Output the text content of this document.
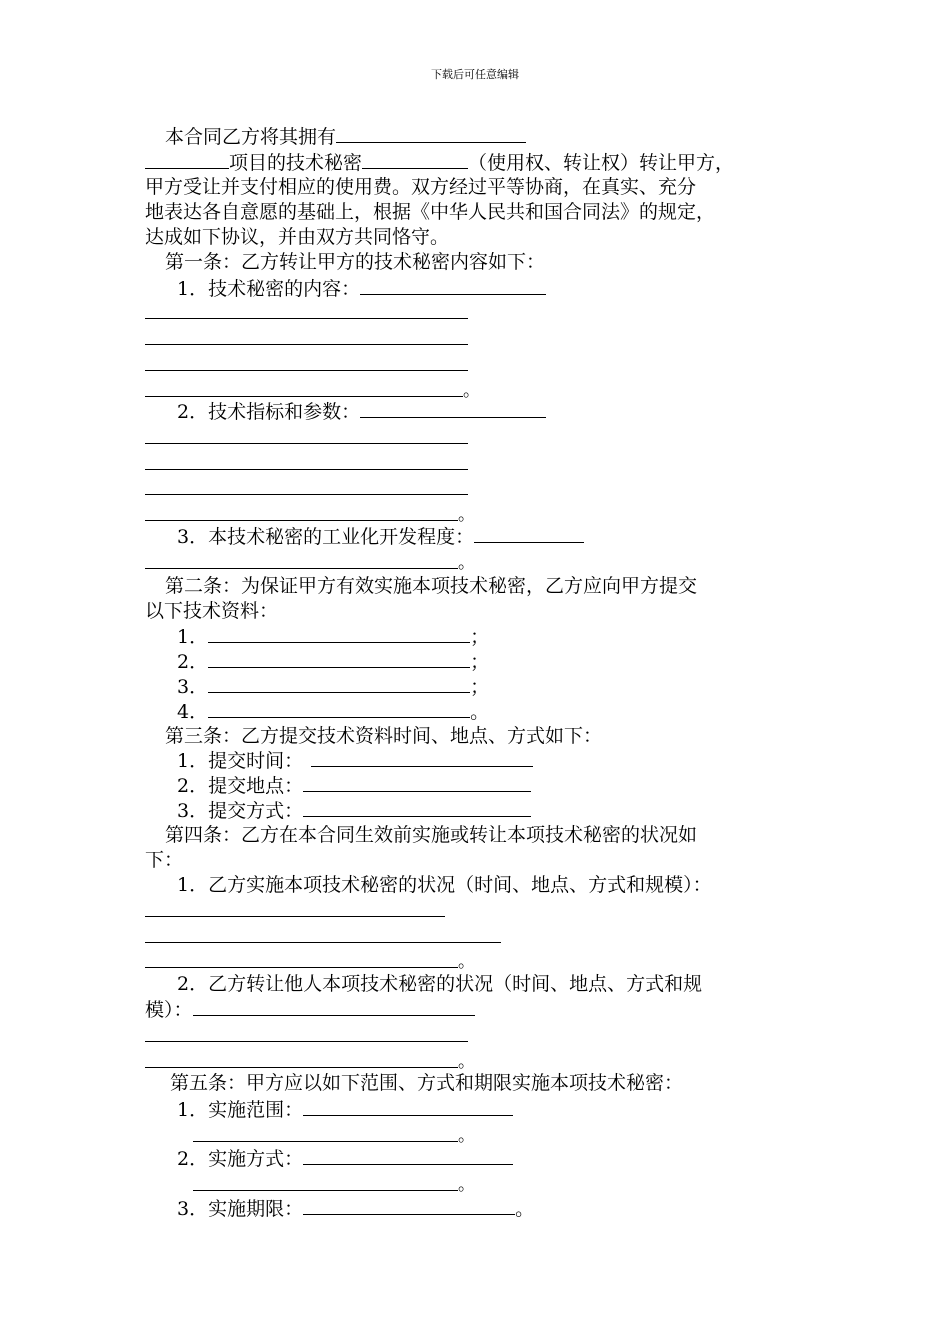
下载后可任意编辑
本合同乙方将其拥有
项目的技术秘密	（使用权、转让权）转让甲方，
甲方受让并支付相应的使用费。双方经过平等协商，在真实、充分
地表达各自意愿的基础上，根据《中华人民共和国合同法》的规定，
达成如下协议，并由双方共同恪守。
第一条：乙方转让甲方的技术秘密内容如下：
1．技术秘密的内容：
。
2．技术指标和参数：
。
3．本技术秘密的工业化开发程度：
。
第二条：为保证甲方有效实施本项技术秘密，乙方应向甲方提交
以下技术资料：
1．	；
2．	；
3．	；
4．	。
第三条：乙方提交技术资料时间、地点、方式如下：
1．提交时间：
2．提交地点：
3．提交方式：
第四条：乙方在本合同生效前实施或转让本项技术秘密的状况如
下：
1．乙方实施本项技术秘密的状况（时间、地点、方式和规模）：
。
2．乙方转让他人本项技术秘密的状况（时间、地点、方式和规
模）：
。
第五条：甲方应以如下范围、方式和期限实施本项技术秘密：
1．实施范围：
。
2．实施方式：
。
3．实施期限：	。
